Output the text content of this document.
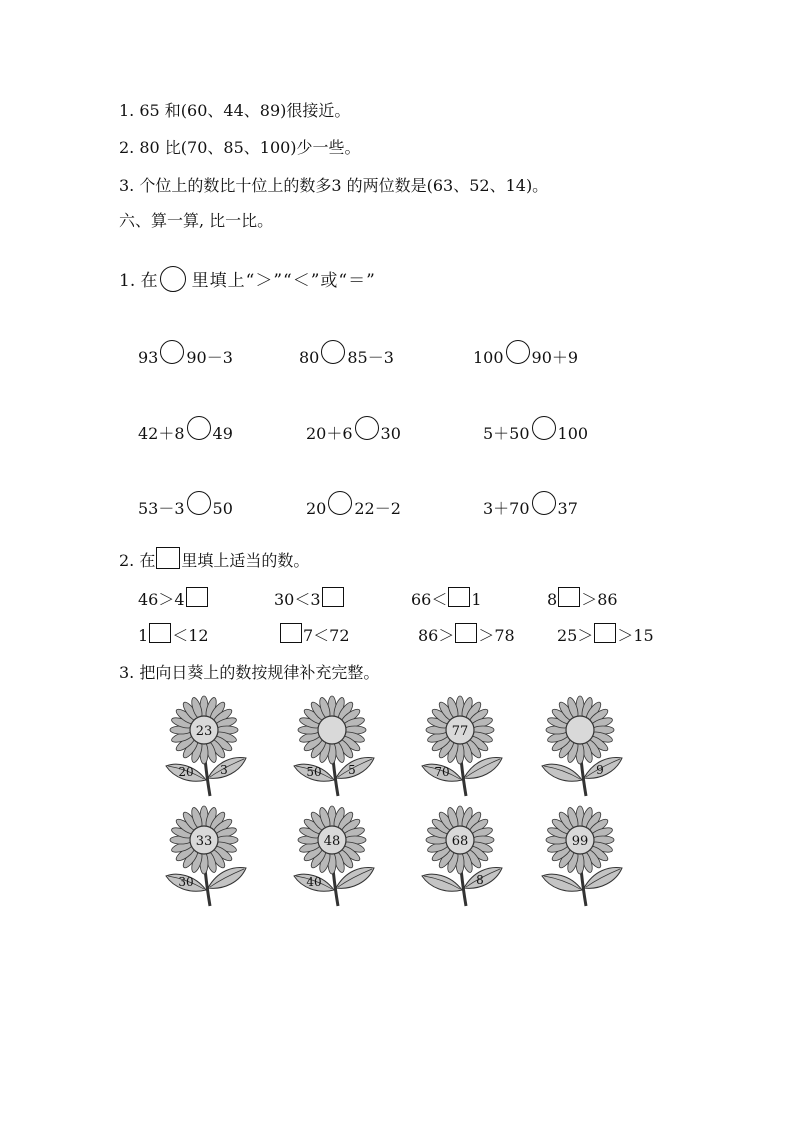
1. 65 和(60、44、89)很接近。
2. 80 比(70、85、100)少一些。
3. 个位上的数比十位上的数多3 的两位数是(63、52、14)。
六、算一算, 比一比。
1. 在 里填上“＞”“＜”或“＝”
93 90－3	80 85－3	100 90＋9
42＋8 49	20＋6 30	5＋50 100
53－3 50	20 22－2	3＋70 37
2. 在 里填上适当的数。
46＞4	30＜3	66＜ 1	8 ＞86
1 ＜12	7＜72	86＞ ＞78	25＞ ＞15
3. 把向日葵上的数按规律补充完整。
23
20 3	50 5
77
70	9
33
30
48
40
68
8
99
